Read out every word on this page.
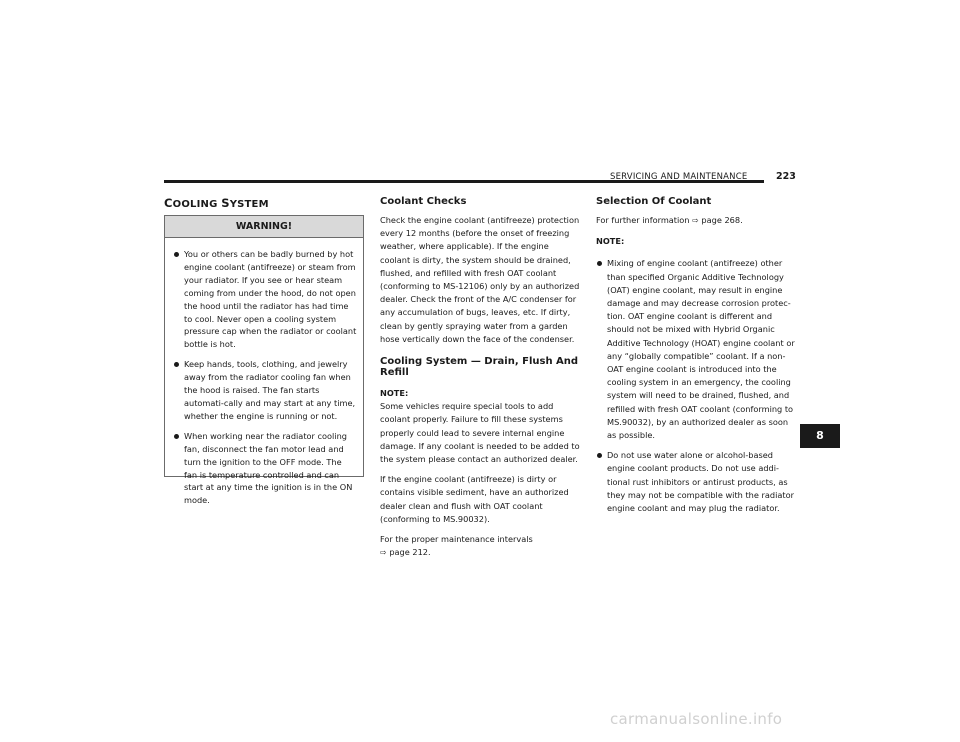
SERVICING AND MAINTENANCE	223
COOLING SYSTEM
WARNING!
You or others can be badly burned by hot engine coolant (antifreeze) or steam from your radiator. If you see or hear steam coming from under the hood, do not open the hood until the radiator has had time to cool. Never open a cooling system pressure cap when the radiator or coolant bottle is hot.
Keep hands, tools, clothing, and jewelry away from the radiator cooling fan when the hood is raised. The fan starts automati-cally and may start at any time, whether the engine is running or not.
When working near the radiator cooling fan, disconnect the fan motor lead and turn the ignition to the OFF mode. The fan is temperature controlled and can start at any time the ignition is in the ON mode.
Coolant Checks
Check the engine coolant (antifreeze) protection every 12 months (before the onset of freezing weather, where applicable). If the engine coolant is dirty, the system should be drained, flushed, and refilled with fresh OAT coolant (conforming to MS-12106) only by an authorized dealer. Check the front of the A/C condenser for any accumulation of bugs, leaves, etc. If dirty, clean by gently spraying water from a garden hose vertically down the face of the condenser.
Cooling System — Drain, Flush And Refill
NOTE:
Some vehicles require special tools to add coolant properly. Failure to fill these systems properly could lead to severe internal engine damage. If any coolant is needed to be added to the system please contact an authorized dealer.
If the engine coolant (antifreeze) is dirty or contains visible sediment, have an authorized dealer clean and flush with OAT coolant (conforming to MS.90032).
For the proper maintenance intervals
⇨ page 212.
Selection Of Coolant
For further information ⇨ page 268.
NOTE:
Mixing of engine coolant (antifreeze) other than specified Organic Additive Technology (OAT) engine coolant, may result in engine damage and may decrease corrosion protec-tion. OAT engine coolant is different and should not be mixed with Hybrid Organic Additive Technology (HOAT) engine coolant or any “globally compatible” coolant. If a non-OAT engine coolant is introduced into the cooling system in an emergency, the cooling system will need to be drained, flushed, and refilled with fresh OAT coolant (conforming to MS.90032), by an authorized dealer as soon as possible.
Do not use water alone or alcohol-based engine coolant products. Do not use addi-tional rust inhibitors or antirust products, as they may not be compatible with the radiator engine coolant and may plug the radiator.
8
carmanualsonline.info
